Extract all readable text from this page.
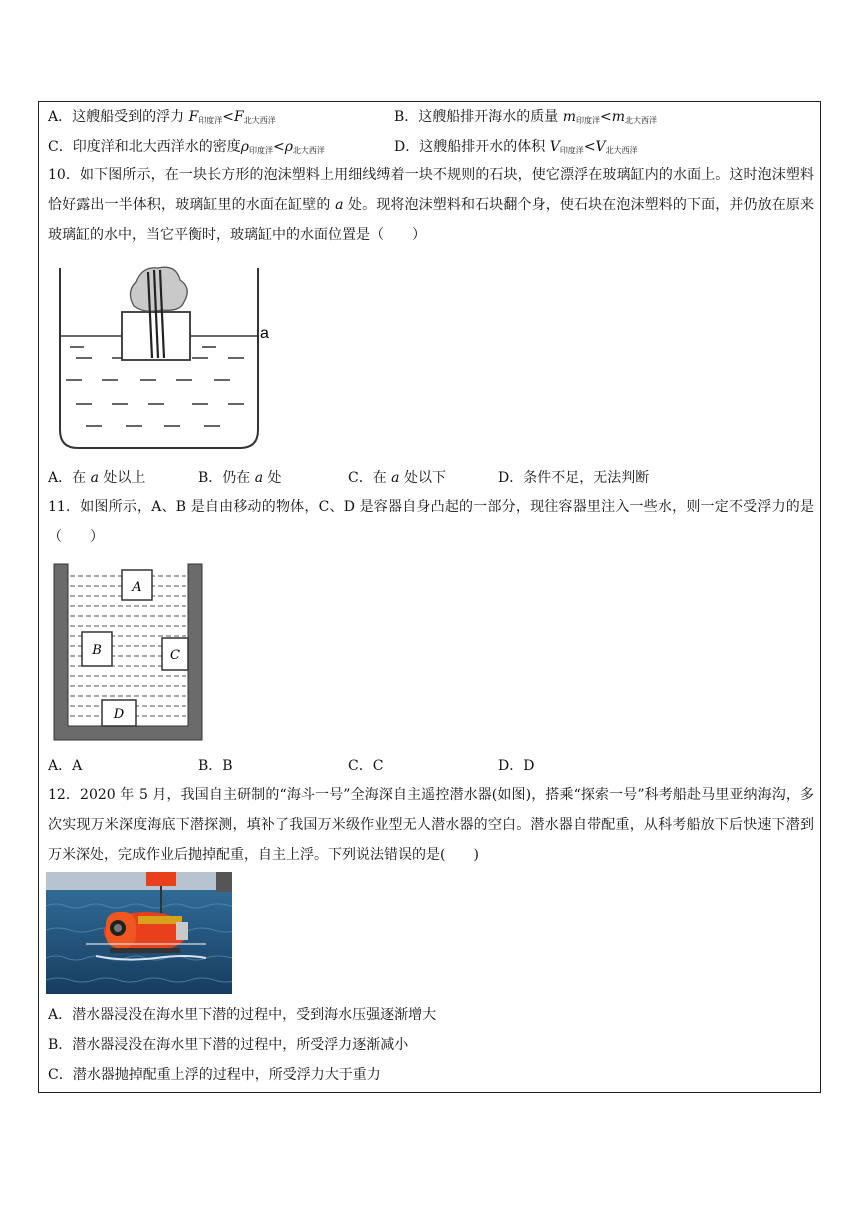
A．这艘船受到的浮力 $F_{印度洋}<F_{北大西洋}$	B．这艘船排开海水的质量 $m_{印度洋}<m_{北大西洋}$
C．印度洋和北大西洋水的密度$\rho_{印度洋}<\rho_{北大西洋}$	D．这艘船排开水的体积 $V_{印度洋}<V_{北大西洋}$
10．如下图所示，在一块长方形的泡沫塑料上用细线缚着一块不规则的石块，使它漂浮在玻璃缸内的水面上。这时泡沫塑料恰好露出一半体积，玻璃缸里的水面在缸壁的 a 处。现将泡沫塑料和石块翻个身，使石块在泡沫塑料的下面，并仍放在原来玻璃缸的水中，当它平衡时，玻璃缸中的水面位置是（　　）
a
A．在 a 处以上	B．仍在 a 处	C．在 a 处以下	D．条件不足，无法判断
11．如图所示，A、B 是自由移动的物体，C、D 是容器自身凸起的一部分，现往容器里注入一些水，则一定不受浮力的是（　　）
A
B	C
D
A．A	B．B	C．C	D．D
12．2020 年 5 月，我国自主研制的“海斗一号”全海深自主遥控潜水器(如图)，搭乘“探索一号”科考船赴马里亚纳海沟，多次实现万米深度海底下潜探测，填补了我国万米级作业型无人潜水器的空白。潜水器自带配重，从科考船放下后快速下潜到万米深处，完成作业后抛掉配重，自主上浮。下列说法错误的是(　　)
A．潜水器浸没在海水里下潜的过程中，受到海水压强逐渐增大
B．潜水器浸没在海水里下潜的过程中，所受浮力逐渐减小
C．潜水器抛掉配重上浮的过程中，所受浮力大于重力
